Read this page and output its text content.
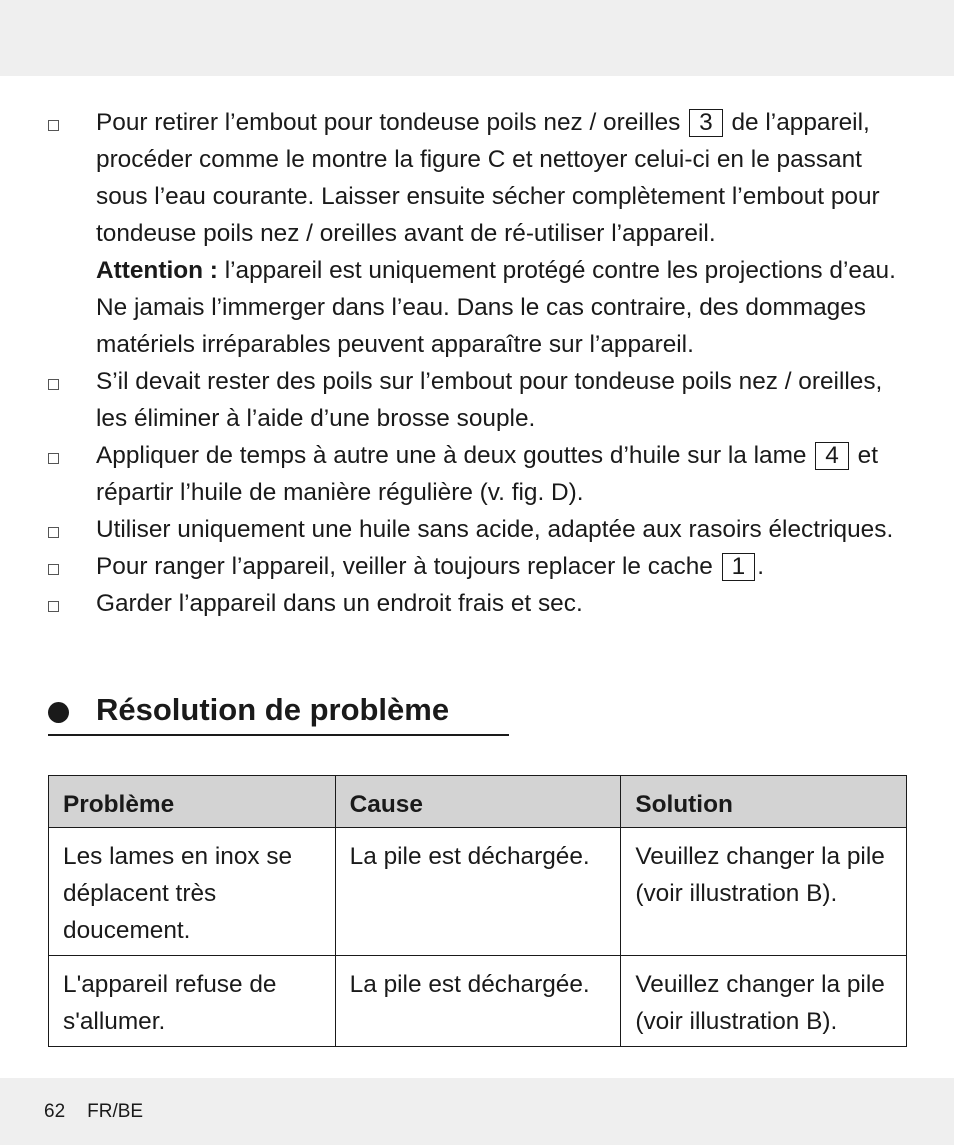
Pour retirer l’embout pour tondeuse poils nez / oreilles 3 de l’appareil, procéder comme le montre la figure C et nettoyer celui-ci en le passant sous l’eau courante. Laisser ensuite sécher complètement l’embout pour tondeuse poils nez / oreilles avant de ré-utiliser l’appareil.
Attention : l’appareil est uniquement protégé contre les projections d’eau. Ne jamais l’immerger dans l’eau. Dans le cas contraire, des dommages matériels irréparables peuvent apparaître sur l’appareil.
S’il devait rester des poils sur l’embout pour tondeuse poils nez / oreilles, les éliminer à l’aide d’une brosse souple.
Appliquer de temps à autre une à deux gouttes d’huile sur la lame 4 et répartir l’huile de manière régulière (v. fig. D).
Utiliser uniquement une huile sans acide, adaptée aux rasoirs électriques.
Pour ranger l’appareil, veiller à toujours replacer le cache 1 .
Garder l’appareil dans un endroit frais et sec.
Résolution de problème
Problème	Cause	Solution
Les lames en inox se déplacent très doucement.	La pile est déchargée.	Veuillez changer la pile (voir illustration B).
L'appareil refuse de s'allumer.	La pile est déchargée.	Veuillez changer la pile (voir illustration B).
62 FR/BE
